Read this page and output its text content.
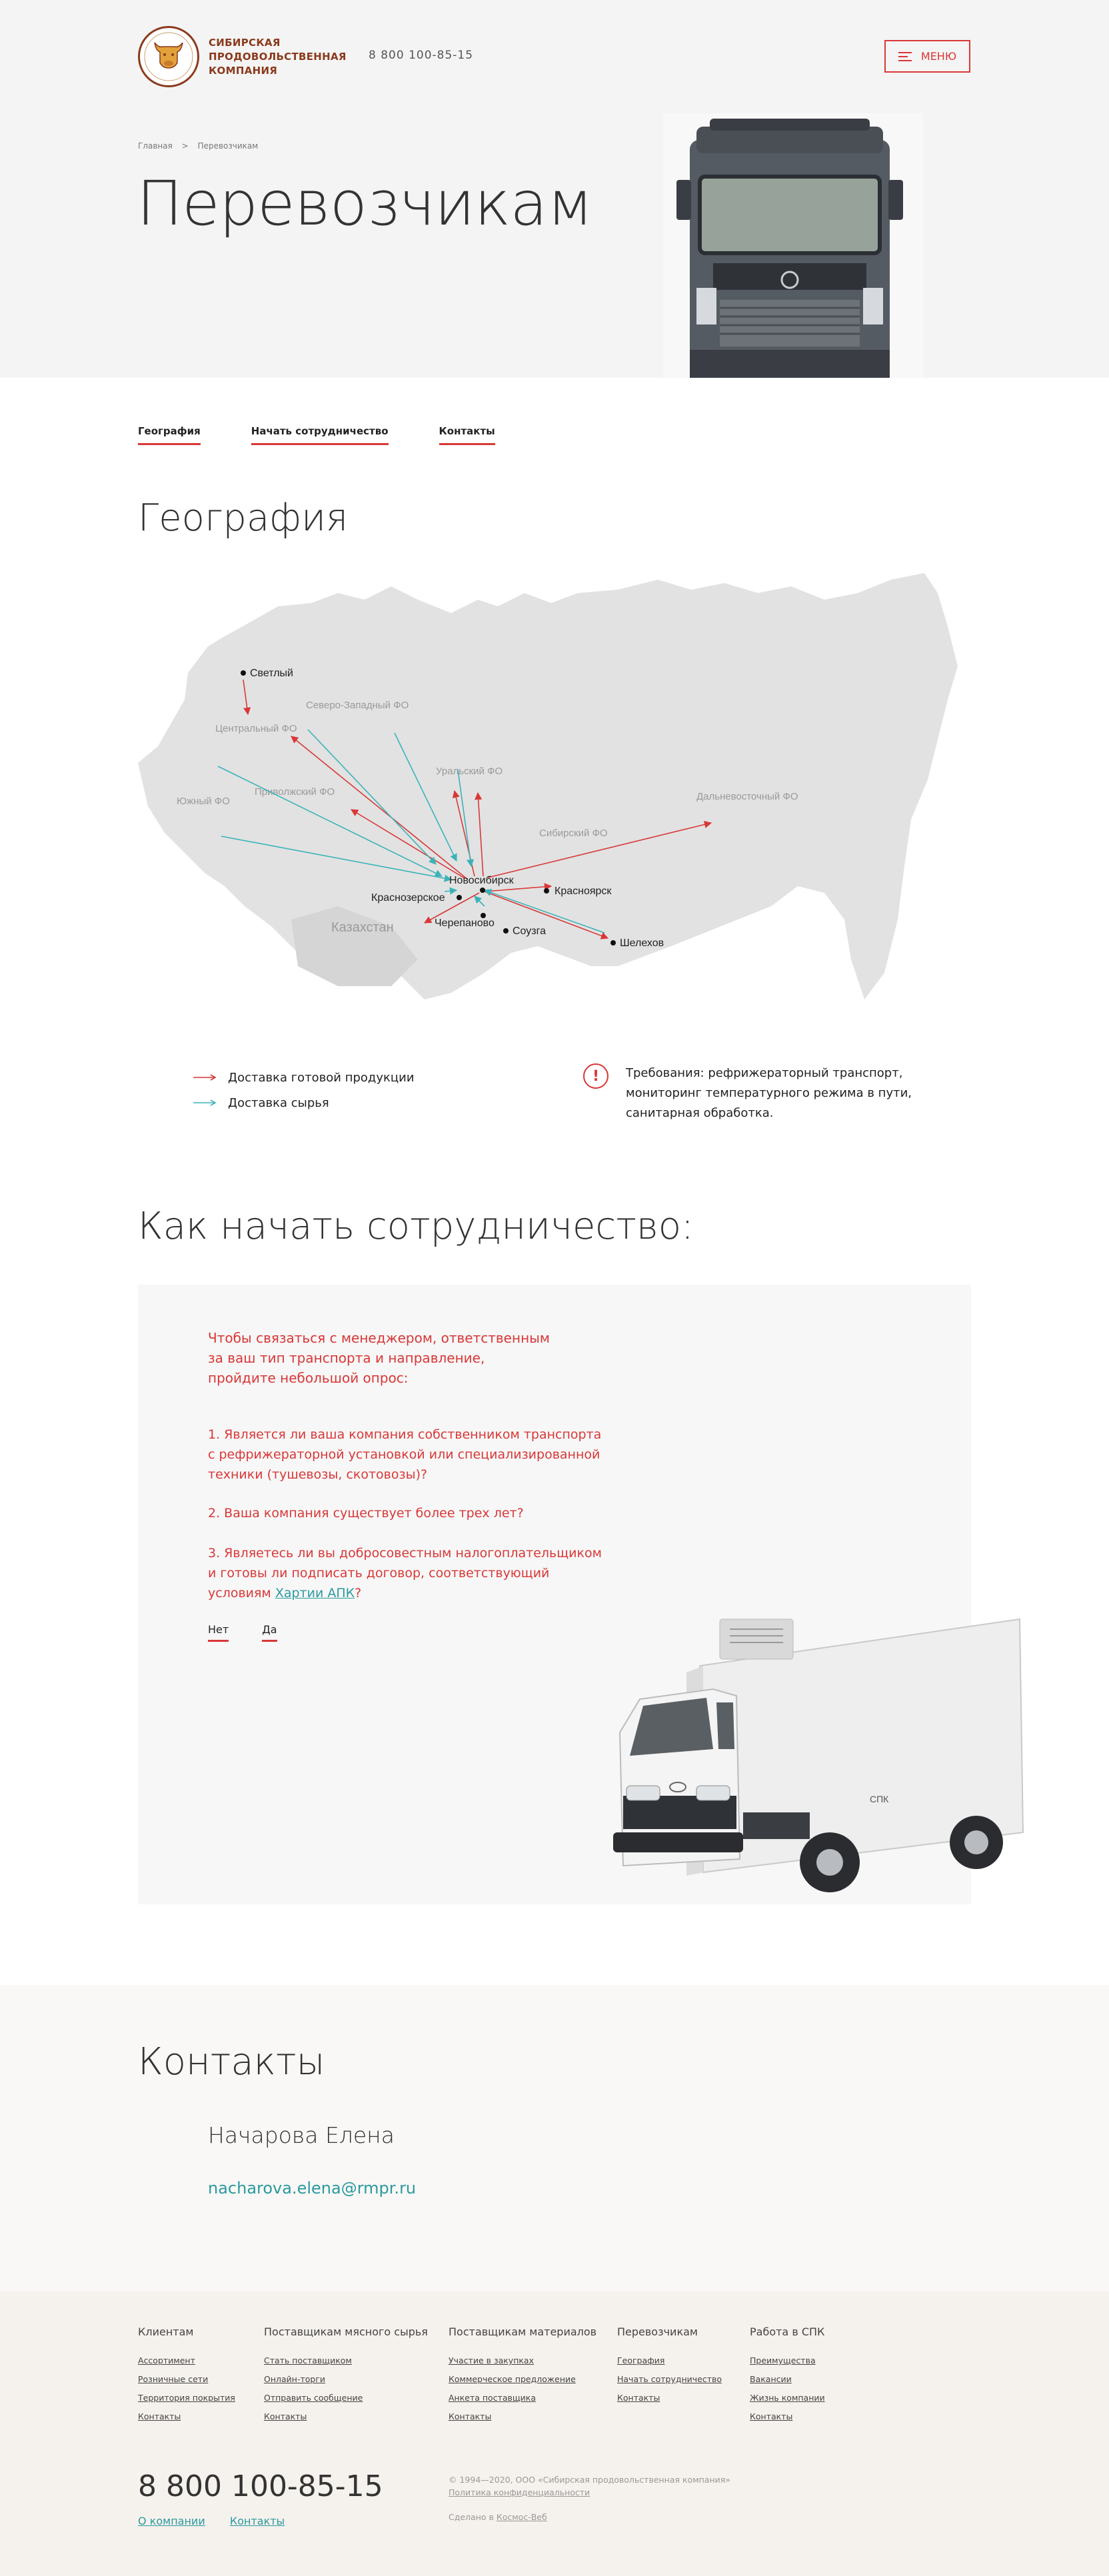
СИБИРСКАЯ ПРОДОВОЛЬСТВЕННАЯ КОМПАНИЯ
8 800 100-85-15	МЕНЮ
Главная > Перевозчикам
Перевозчикам
География	Начать сотрудничество	Контакты
География
Северо-Западный ФО
Центральный ФО
Уральский ФО
Приволжский ФО
Южный ФО
Сибирский ФО
Дальневосточный ФО
Казахстан
Светлый
Новосибирск
Красноярск
Краснозерское
Черепаново
Соузга
Шелехов
Доставка готовой продукции
Доставка сырья
!	Требования: рефрижераторный транспорт, мониторинг температурного режима в пути, санитарная обработка.
Как начать сотрудничество:
Чтобы связаться с менеджером, ответственным за ваш тип транспорта и направление, пройдите небольшой опрос:
1. Является ли ваша компания собственником транспорта с рефрижераторной установкой или специализированной техники (тушевозы, скотовозы)?
2. Ваша компания существует более трех лет?
3. Являетесь ли вы добросовестным налогоплательщиком и готовы ли подписать договор, соответствующий условиям Хартии АПК?
Нет	Да
СПК
Контакты
Начарова Елена
nacharova.elena@rmpr.ru
Клиентам
Ассортимент
Розничные сети
Территория покрытия
Контакты
Поставщикам мясного сырья
Стать поставщиком
Онлайн-торги
Отправить сообщение
Контакты
Поставщикам материалов
Участие в закупках
Коммерческое предложение
Анкета поставщика
Контакты
Перевозчикам
География
Начать сотрудничество
Контакты
Работа в СПК
Преимущества
Вакансии
Жизнь компании
Контакты
8 800 100-85-15
О компании Контакты
© 1994—2020, ООО «Сибирская продовольственная компания»
Политика конфиденциальности
Сделано в Космос-Веб
